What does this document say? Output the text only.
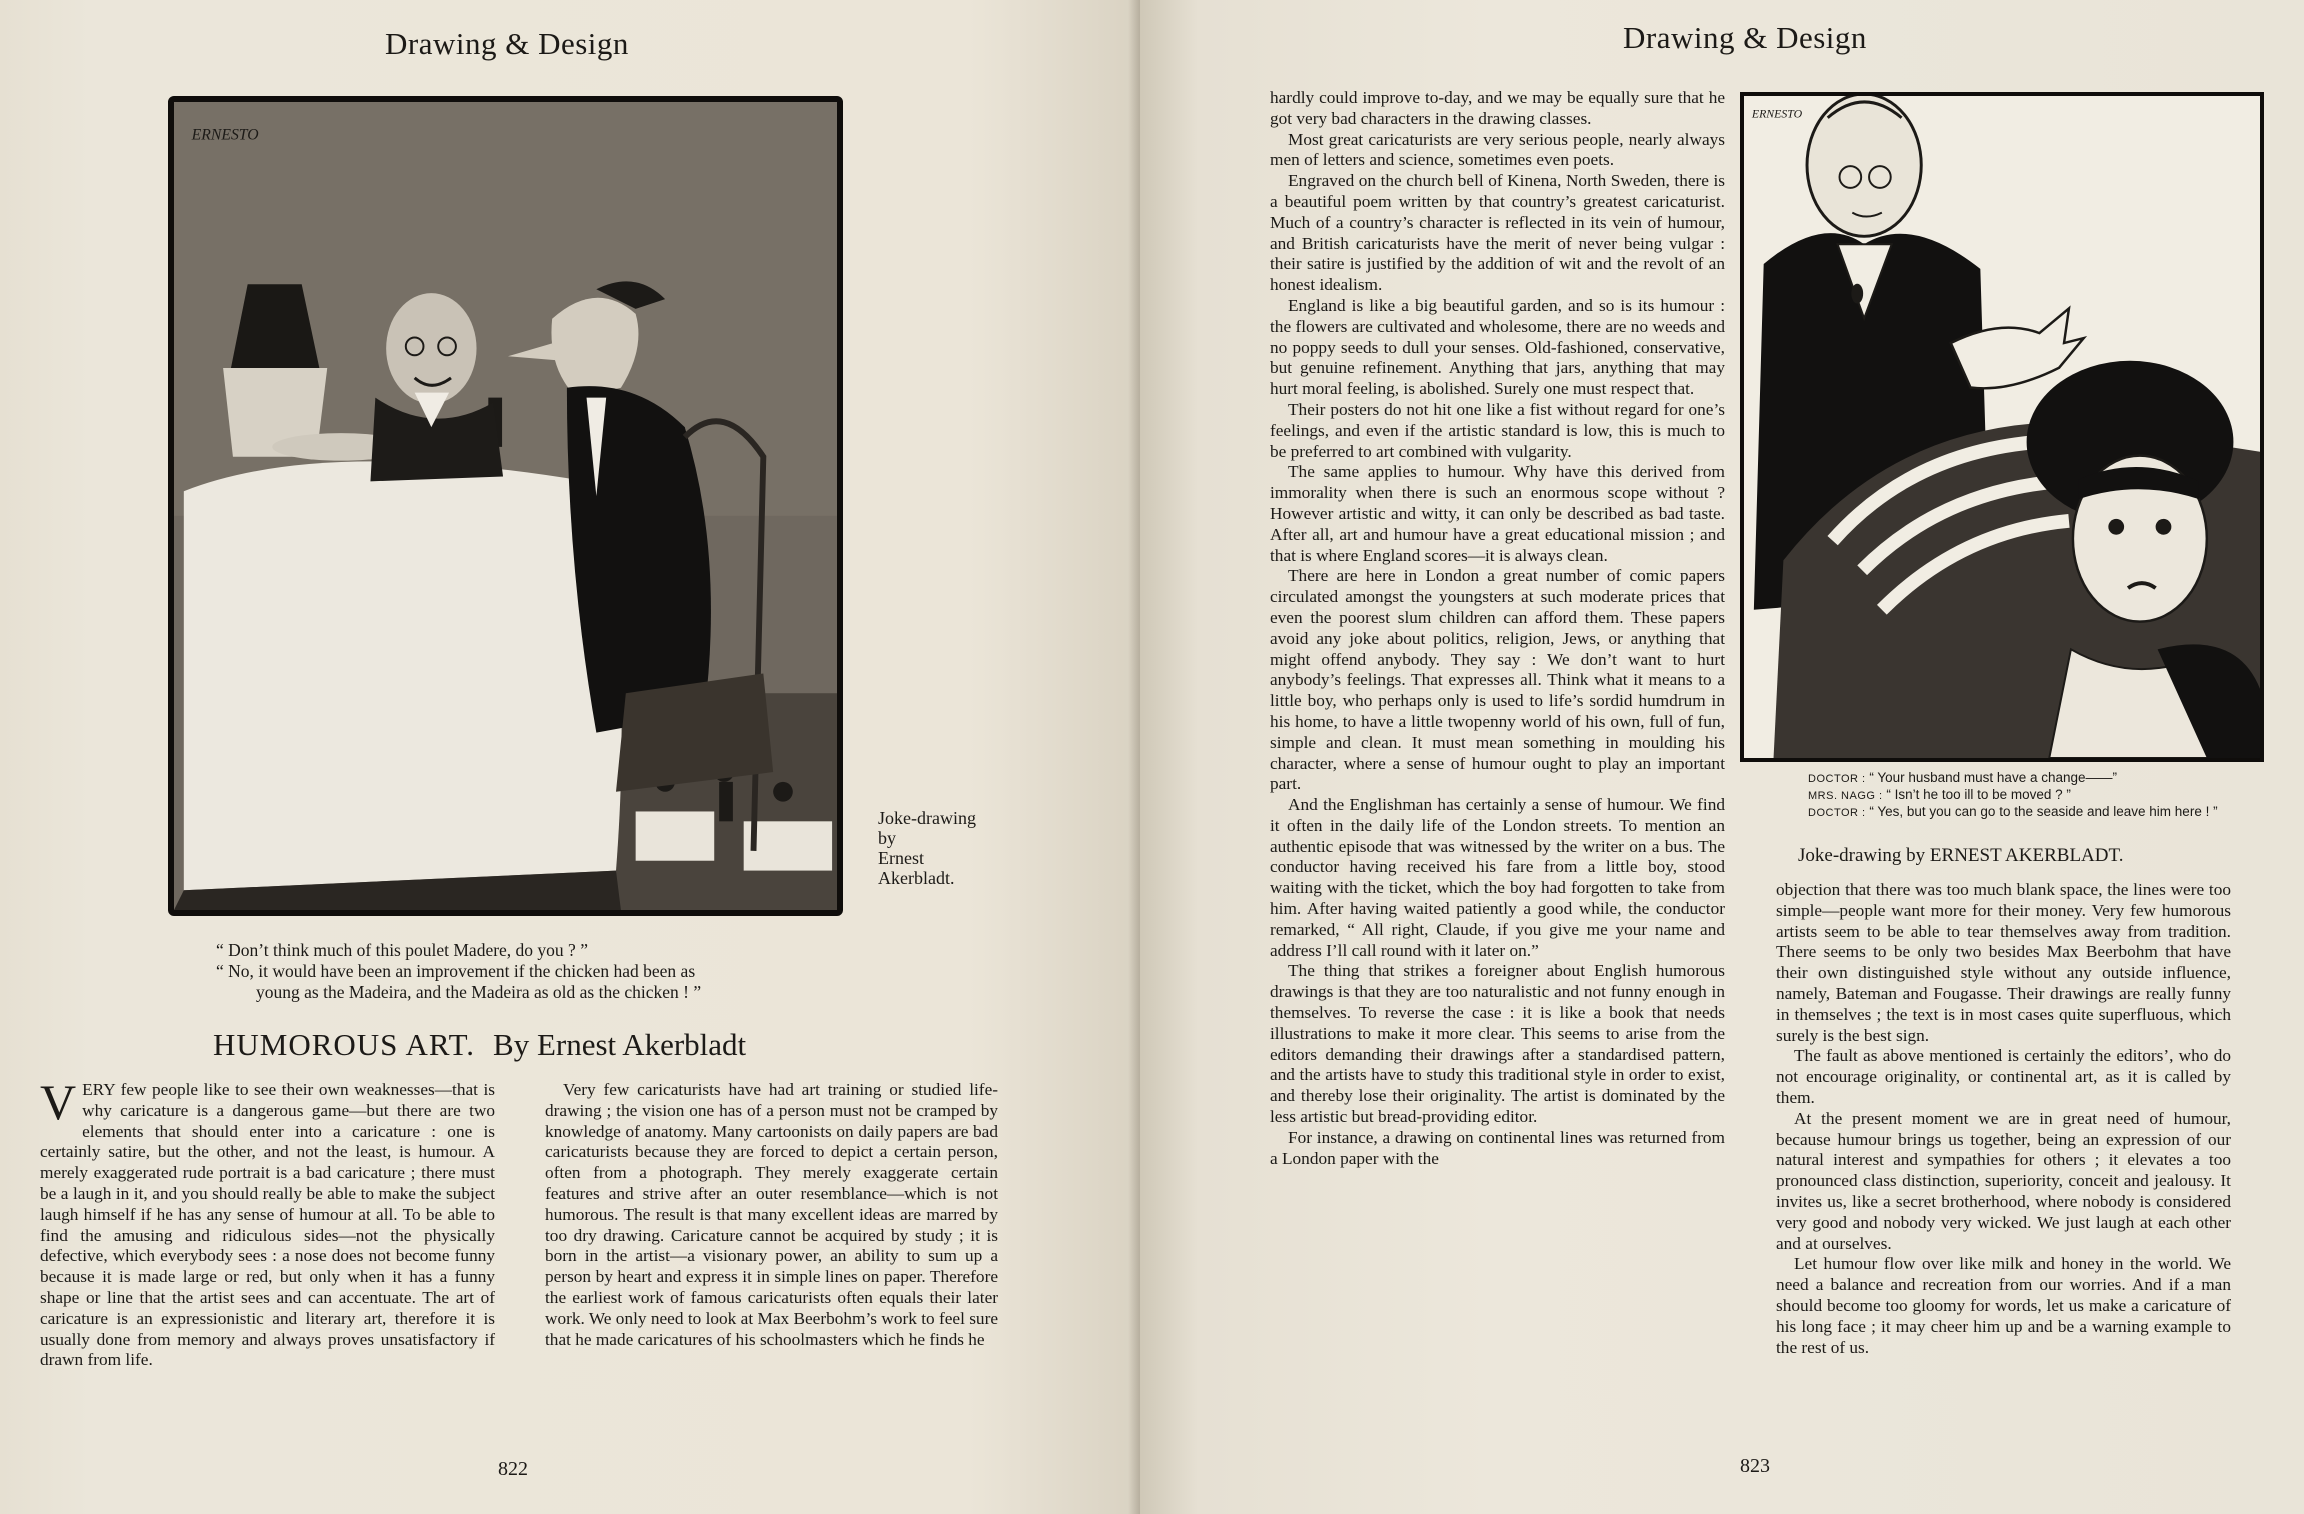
Drawing & Design
ERNESTO
Joke-drawing
by
Ernest
Akerbladt.

“ Don’t think much of this poulet Madere, do you ? ”

“ No, it would have been an improvement if the chicken had been as

young as the Madeira, and the Madeira as old as the chicken ! ”

HUMOROUS ART. By Ernest Akerbladt

VERY few people like to see their own weaknesses—that is why caricature is a dangerous game—but there are two elements that should enter into a caricature : one is certainly satire, but the other, and not the least, is humour. A merely exaggerated rude portrait is a bad caricature ; there must be a laugh in it, and you should really be able to make the subject laugh himself if he has any sense of humour at all. To be able to find the amusing and ridiculous sides—not the physically defective, which everybody sees : a nose does not become funny because it is made large or red, but only when it has a funny shape or line that the artist sees and can accentuate. The art of caricature is an expressionistic and literary art, therefore it is usually done from memory and always proves unsatisfactory if drawn from life.

Very few caricaturists have had art training or studied life-drawing ; the vision one has of a person must not be cramped by knowledge of anatomy. Many cartoonists on daily papers are bad caricaturists because they are forced to depict a certain person, often from a photograph. They merely exaggerate certain features and strive after an outer resemblance—which is not humorous. The result is that many excellent ideas are marred by too dry drawing. Caricature cannot be acquired by study ; it is born in the artist—a visionary power, an ability to sum up a person by heart and express it in simple lines on paper. Therefore the earliest work of famous caricaturists often equals their later work. We only need to look at Max Beerbohm’s work to feel sure that he made caricatures of his schoolmasters which he finds he

822
Drawing & Design

hardly could improve to-day, and we may be equally sure that he got very bad characters in the drawing classes.

Most great caricaturists are very serious people, nearly always men of letters and science, sometimes even poets.

Engraved on the church bell of Kinena, North Sweden, there is a beautiful poem written by that country’s greatest caricaturist. Much of a country’s character is reflected in its vein of humour, and British caricaturists have the merit of never being vulgar : their satire is justified by the addition of wit and the revolt of an honest idealism.

England is like a big beautiful garden, and so is its humour : the flowers are cultivated and wholesome, there are no weeds and no poppy seeds to dull your senses. Old-fashioned, conservative, but genuine refinement. Anything that jars, anything that may hurt moral feeling, is abolished. Surely one must respect that.

Their posters do not hit one like a fist without regard for one’s feelings, and even if the artistic standard is low, this is much to be preferred to art combined with vulgarity.

The same applies to humour. Why have this derived from immorality when there is such an enormous scope without ? However artistic and witty, it can only be described as bad taste. After all, art and humour have a great educational mission ; and that is where England scores—it is always clean.

There are here in London a great number of comic papers circulated amongst the youngsters at such moderate prices that even the poorest slum children can afford them. These papers avoid any joke about politics, religion, Jews, or anything that might offend anybody. They say : We don’t want to hurt anybody’s feelings. That expresses all. Think what it means to a little boy, who perhaps only is used to life’s sordid humdrum in his home, to have a little twopenny world of his own, full of fun, simple and clean. It must mean something in moulding his character, where a sense of humour ought to play an important part.

And the Englishman has certainly a sense of humour. We find it often in the daily life of the London streets. To mention an authentic episode that was witnessed by the writer on a bus. The conductor having received his fare from a little boy, stood waiting with the ticket, which the boy had forgotten to take from him. After having waited patiently a good while, the conductor remarked, “ All right, Claude, if you give me your name and address I’ll call round with it later on.”

The thing that strikes a foreigner about English humorous drawings is that they are too naturalistic and not funny enough in themselves. To reverse the case : it is like a book that needs illustrations to make it more clear. This seems to arise from the editors demanding their drawings after a standardised pattern, and the artists have to study this traditional style in order to exist, and thereby lose their originality. The artist is dominated by the less artistic but bread-providing editor.

For instance, a drawing on continental lines was returned from a London paper with the

ERNESTO
DOCTOR : “ Your husband must have a change——”
MRS. NAGG : “ Isn’t he too ill to be moved ? ”
DOCTOR : “ Yes, but you can go to the seaside and leave him here ! ”
Joke-drawing by ERNEST AKERBLADT.

objection that there was too much blank space, the lines were too simple—people want more for their money. Very few humorous artists seem to be able to tear themselves away from tradition. There seems to be only two besides Max Beerbohm that have their own distinguished style without any outside influence, namely, Bateman and Fougasse. Their drawings are really funny in themselves ; the text is in most cases quite superfluous, which surely is the best sign.

The fault as above mentioned is certainly the editors’, who do not encourage originality, or continental art, as it is called by them.

At the present moment we are in great need of humour, because humour brings us together, being an expression of our natural interest and sympathies for others ; it elevates a too pronounced class distinction, superiority, conceit and jealousy. It invites us, like a secret brotherhood, where nobody is considered very good and nobody very wicked. We just laugh at each other and at ourselves.

Let humour flow over like milk and honey in the world. We need a balance and recreation from our worries. And if a man should become too gloomy for words, let us make a caricature of his long face ; it may cheer him up and be a warning example to the rest of us.

823
